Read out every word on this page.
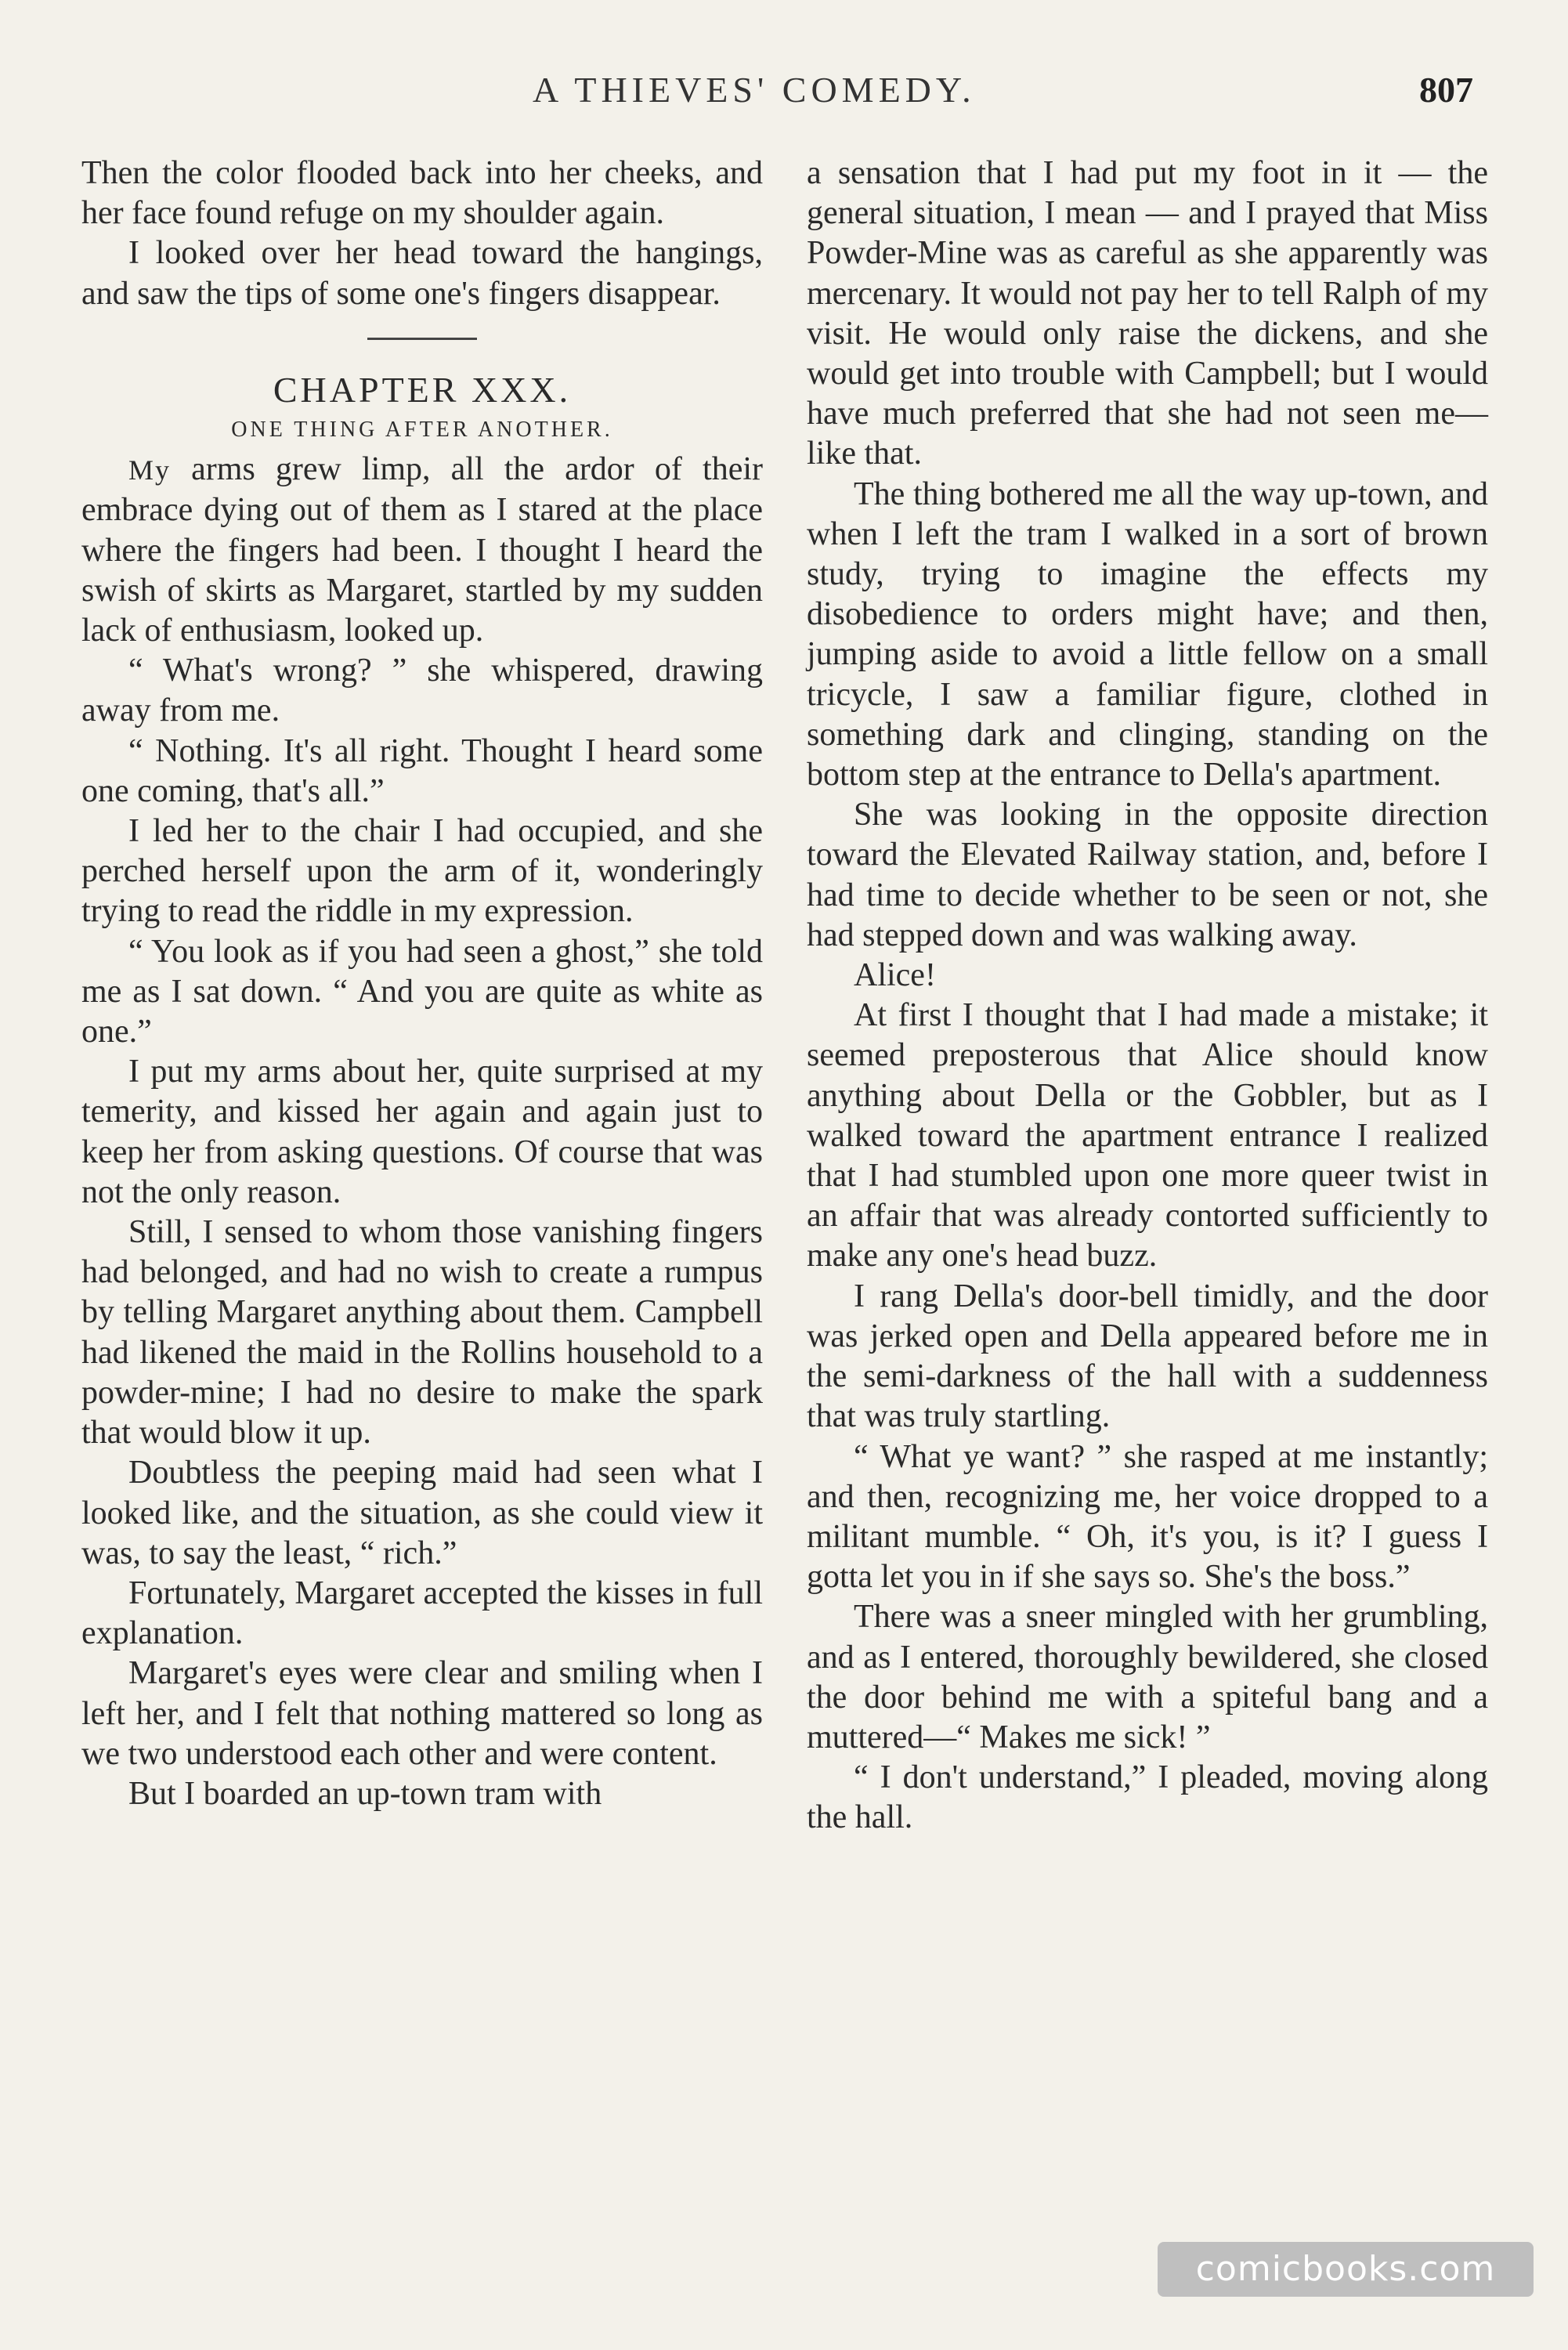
A THIEVES' COMEDY.	807

Then the color flooded back into her cheeks, and her face found refuge on my shoulder again.

I looked over her head toward the hangings, and saw the tips of some one's fingers disappear.

CHAPTER XXX.

ONE THING AFTER ANOTHER.

My arms grew limp, all the ardor of their embrace dying out of them as I stared at the place where the fingers had been. I thought I heard the swish of skirts as Margaret, startled by my sudden lack of enthusiasm, looked up.

“ What's wrong? ” she whispered, drawing away from me.

“ Nothing. It's all right. Thought I heard some one coming, that's all.”

I led her to the chair I had occupied, and she perched herself upon the arm of it, wonderingly trying to read the riddle in my expression.

“ You look as if you had seen a ghost,” she told me as I sat down. “ And you are quite as white as one.”

I put my arms about her, quite surprised at my temerity, and kissed her again and again just to keep her from asking questions. Of course that was not the only reason.

Still, I sensed to whom those vanishing fingers had belonged, and had no wish to create a rumpus by telling Margaret anything about them. Campbell had likened the maid in the Rollins household to a powder-mine; I had no desire to make the spark that would blow it up.

Doubtless the peeping maid had seen what I looked like, and the situation, as she could view it was, to say the least, “ rich.”

Fortunately, Margaret accepted the kisses in full explanation.

Margaret's eyes were clear and smiling when I left her, and I felt that nothing mattered so long as we two understood each other and were content.

But I boarded an up-town tram with

a sensation that I had put my foot in it — the general situation, I mean — and I prayed that Miss Powder-Mine was as careful as she apparently was mercenary. It would not pay her to tell Ralph of my visit. He would only raise the dickens, and she would get into trouble with Campbell; but I would have much preferred that she had not seen me—like that.

The thing bothered me all the way up-town, and when I left the tram I walked in a sort of brown study, trying to imagine the effects my disobedience to orders might have; and then, jumping aside to avoid a little fellow on a small tricycle, I saw a familiar figure, clothed in something dark and clinging, standing on the bottom step at the entrance to Della's apartment.

She was looking in the opposite direction toward the Elevated Railway station, and, before I had time to decide whether to be seen or not, she had stepped down and was walking away.

Alice!

At first I thought that I had made a mistake; it seemed preposterous that Alice should know anything about Della or the Gobbler, but as I walked toward the apartment entrance I realized that I had stumbled upon one more queer twist in an affair that was already contorted sufficiently to make any one's head buzz.

I rang Della's door-bell timidly, and the door was jerked open and Della appeared before me in the semi-darkness of the hall with a suddenness that was truly startling.

“ What ye want? ” she rasped at me instantly; and then, recognizing me, her voice dropped to a militant mumble. “ Oh, it's you, is it? I guess I gotta let you in if she says so. She's the boss.”

There was a sneer mingled with her grumbling, and as I entered, thoroughly bewildered, she closed the door behind me with a spiteful bang and a muttered—“ Makes me sick! ”

“ I don't understand,” I pleaded, moving along the hall.

comicbooks.com
